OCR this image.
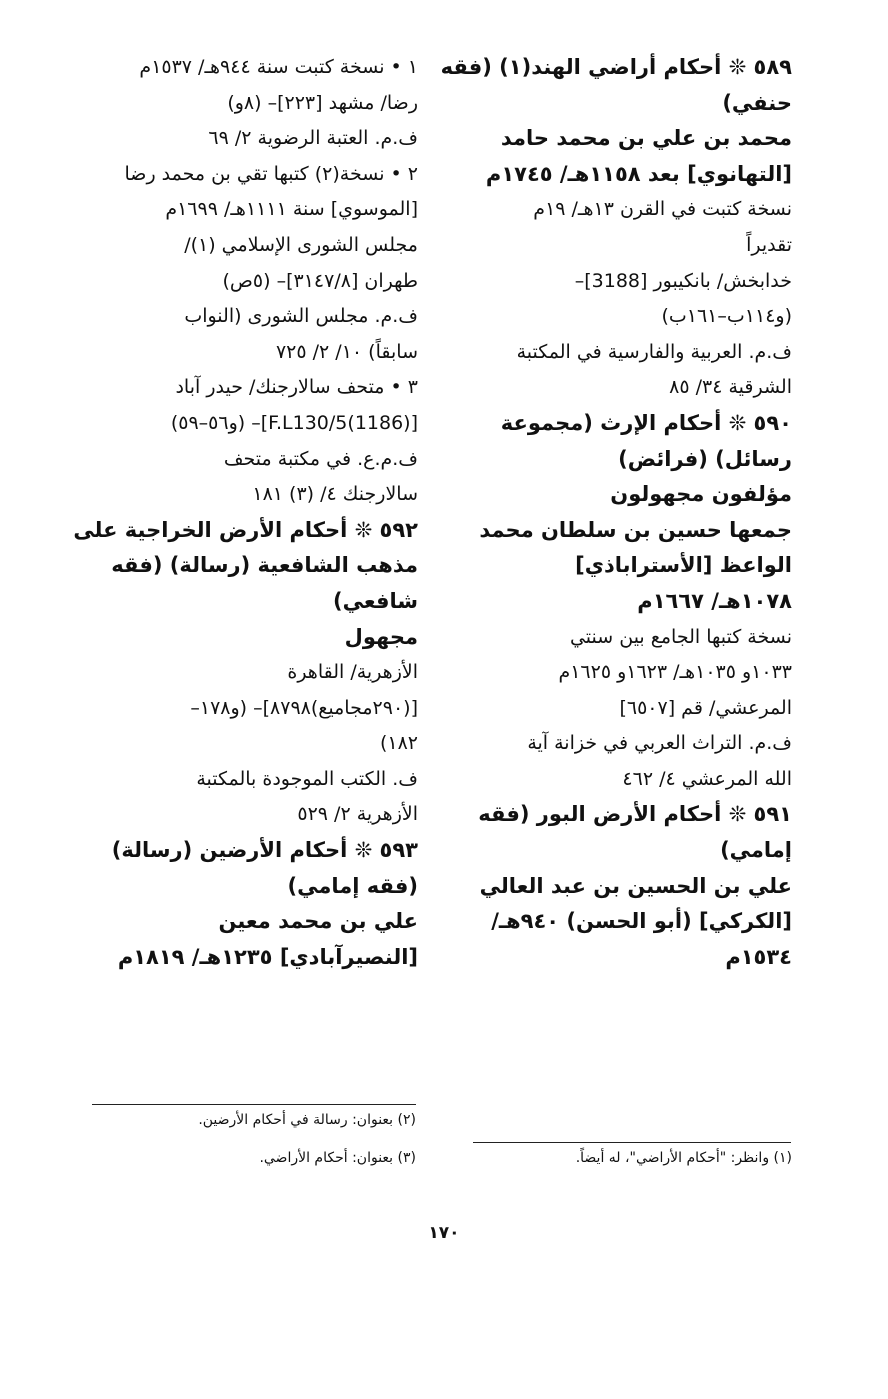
٥٨٩ ❊ أحكام أراضي الهند(١) (فقه
حنفي)
محمد بن علي بن محمد حامد
[التهانوي] بعد ١١٥٨هـ/ ١٧٤٥م
نسخة كتبت في القرن ١٣هـ/ ١٩م
تقديراً
خدابخش/ بانكيبور [3188]–
(و١١٤ب–١٦١ب)
ف.م. العربية والفارسية في المكتبة
الشرقية ٣٤/ ٨٥
٥٩٠ ❊ أحكام الإرث (مجموعة
رسائل) (فرائض)
مؤلفون مجهولون
جمعها حسين بن سلطان محمد
الواعظ [الأستراباذي]
١٠٧٨هـ/ ١٦٦٧م
نسخة كتبها الجامع بين سنتي
١٠٣٣و ١٠٣٥هـ/ ١٦٢٣و ١٦٢٥م
المرعشي/ قم [٦٥٠٧]
ف.م. التراث العربي في خزانة آية
الله المرعشي ٤/ ٤٦٢
٥٩١ ❊ أحكام الأرض البور (فقه
إمامي)
علي بن الحسين بن عبد العالي
[الكركي] (أبو الحسن) ٩٤٠هـ/
١٥٣٤م
١ • نسخة كتبت سنة ٩٤٤هـ/ ١٥٣٧م
رضا/ مشهد [٢٢٣]– (٨و)
ف.م. العتبة الرضوية ٢/ ٦٩
٢ • نسخة(٢) كتبها تقي بن محمد رضا
[الموسوي] سنة ١١١١هـ/ ١٦٩٩م
مجلس الشورى الإسلامي (١)/
طهران [٣١٤٧/٨]– (٥ص)
ف.م. مجلس الشورى (النواب
سابقاً) ١٠/ ٢/ ٧٢٥
٣ • متحف سالارجنك/ حيدر آباد
[(1186)F.L130/5]– (و٥٦–٥٩)
ف.م.ع. في مكتبة متحف
سالارجنك ٤/ (٣) ١٨١
٥٩٢ ❊ أحكام الأرض الخراجية على
مذهب الشافعية (رسالة) (فقه
شافعي)
مجهول
الأزهرية/ القاهرة
[(٢٩٠مجاميع)٨٧٩٨]– (و١٧٨–
١٨٢)
ف. الكتب الموجودة بالمكتبة
الأزهرية ٢/ ٥٢٩
٥٩٣ ❊ أحكام الأرضين (رسالة)
(فقه إمامي)
علي بن محمد معين
[النصيرآبادي] ١٢٣٥هـ/ ١٨١٩م
(٢) بعنوان: رسالة في أحكام الأرضين.
(٣) بعنوان: أحكام الأراضي.	(١) وانظر: "أحكام الأراضي"، له أيضاً.
١٧٠
